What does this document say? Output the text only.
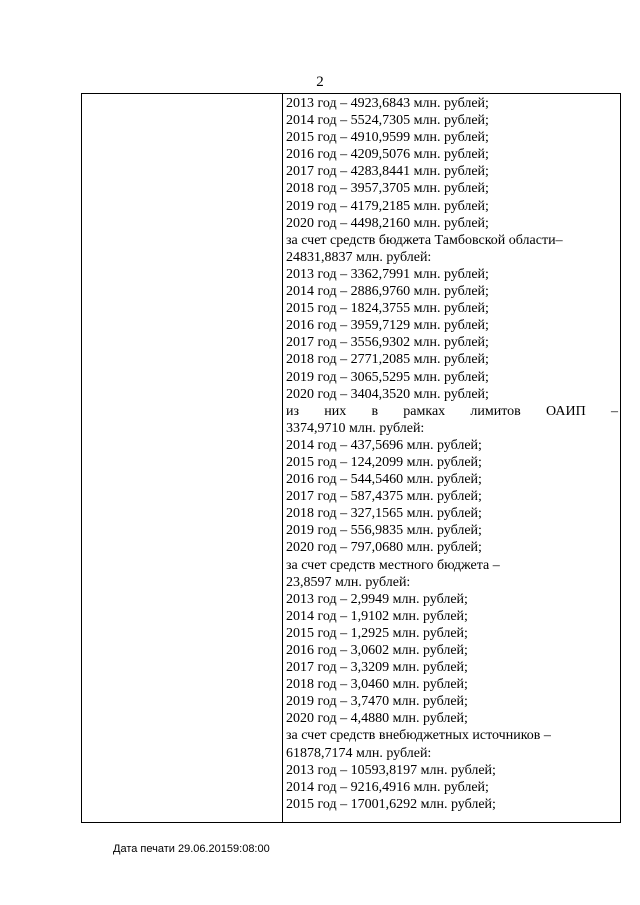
2
2013 год – 4923,6843 млн. рублей;
2014 год – 5524,7305 млн. рублей;
2015 год – 4910,9599 млн. рублей;
2016 год – 4209,5076 млн. рублей;
2017 год – 4283,8441 млн. рублей;
2018 год – 3957,3705 млн. рублей;
2019 год – 4179,2185 млн. рублей;
2020 год – 4498,2160 млн. рублей;
за счет средств бюджета Тамбовской области–
24831,8837 млн. рублей:
2013 год – 3362,7991 млн. рублей;
2014 год – 2886,9760 млн. рублей;
2015 год – 1824,3755 млн. рублей;
2016 год – 3959,7129 млн. рублей;
2017 год – 3556,9302 млн. рублей;
2018 год – 2771,2085 млн. рублей;
2019 год – 3065,5295 млн. рублей;
2020 год – 3404,3520 млн. рублей;
из них в рамках лимитов ОАИП –
3374,9710 млн. рублей:
2014 год – 437,5696 млн. рублей;
2015 год – 124,2099 млн. рублей;
2016 год – 544,5460 млн. рублей;
2017 год – 587,4375 млн. рублей;
2018 год – 327,1565 млн. рублей;
2019 год – 556,9835 млн. рублей;
2020 год – 797,0680 млн. рублей;
за счет средств местного бюджета –
23,8597 млн. рублей:
2013 год – 2,9949 млн. рублей;
2014 год – 1,9102 млн. рублей;
2015 год – 1,2925 млн. рублей;
2016 год – 3,0602 млн. рублей;
2017 год – 3,3209 млн. рублей;
2018 год – 3,0460 млн. рублей;
2019 год – 3,7470 млн. рублей;
2020 год – 4,4880 млн. рублей;
за счет средств внебюджетных источников –
61878,7174 млн. рублей:
2013 год – 10593,8197 млн. рублей;
2014 год – 9216,4916 млн. рублей;
2015 год – 17001,6292 млн. рублей;
Дата печати 29.06.20159:08:00
